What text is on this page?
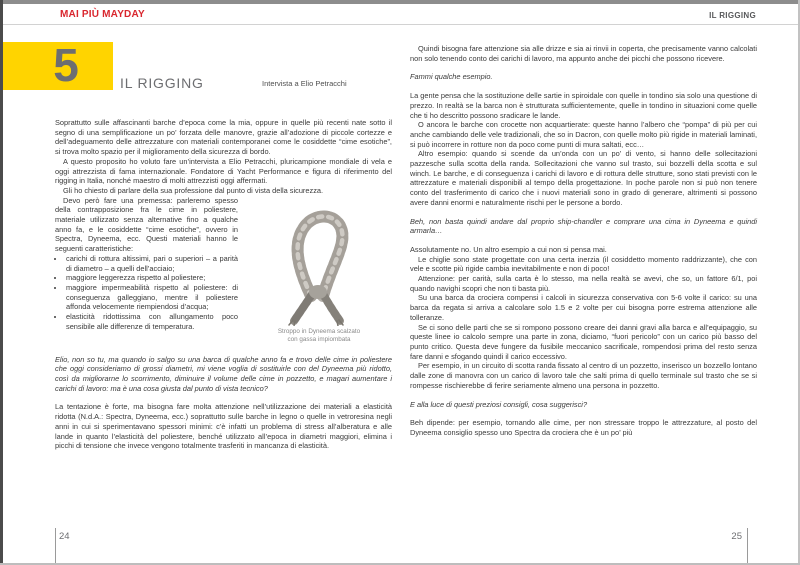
MAI PIÙ MAYDAY	IL RIGGING
5	IL RIGGING	Intervista a Elio Petracchi

Soprattutto sulle affascinanti barche d’epoca come la mia, oppure in quelle più recenti nate sotto il segno di una semplificazione un po’ forzata delle manovre, grazie all’adozione di piccole cortezze e dell’adeguamento delle attrezzature con materiali contemporanei come le cosiddette “cime esotiche”, si trova molto spazio per il miglioramento della sicurezza di bordo.

A questo proposito ho voluto fare un’intervista a Elio Petracchi, pluricampione mondiale di vela e oggi attrezzista di fama internazionale. Fondatore di Yacht Performance e figura di riferimento del rigging in Italia, nonché maestro di molti attrezzisti oggi affermati.

Gli ho chiesto di parlare della sua professione dal punto di vista della sicurezza.

Stroppo in Dyneema scalzato con gassa impiombata

Devo però fare una premessa: parleremo spesso della contrapposizione fra le cime in poliestere, materiale utilizzato senza alternative fino a qualche anno fa, e le cosiddette “cime esotiche”, ovvero in Spectra, Dyneema, ecc. Questi materiali hanno le seguenti caratteristiche:

• carichi di rottura altissimi, pari o superiori – a parità di diametro – a quelli dell’acciaio;
• maggiore leggerezza rispetto al poliestere;
• maggiore impermeabilità rispetto al poliestere: di conseguenza galleggiano, mentre il poliestere affonda velocemente riempiendosi d’acqua;
• elasticità ridottissima con allungamento poco sensibile alle differenze di temperatura.

Elio, non so tu, ma quando io salgo su una barca di qualche anno fa e trovo delle cime in poliestere che oggi consideriamo di grossi diametri, mi viene voglia di sostituirle con del Dyneema più ridotto, così da migliorarne lo scorrimento, diminuire il volume delle cime in pozzetto, e magari aumentare i carichi di lavoro: ma è una cosa giusta dal punto di vista tecnico?

La tentazione è forte, ma bisogna fare molta attenzione nell’utilizzazione dei materiali a elasticità ridotta (N.d.A.: Spectra, Dyneema, ecc.) soprattutto sulle barche in legno o quelle in vetroresina negli anni in cui si sperimentavano spessori minimi: c’è infatti un problema di stress all’alberatura e alle lande in quanto l’elasticità del poliestere, benché utilizzato all’epoca in diametri maggiori, elimina i picchi di tensione che invece vengono totalmente trasferiti in mancanza di elasticità.

Quindi bisogna fare attenzione sia alle drizze e sia ai rinvii in coperta, che precisamente vanno calcolati non solo tenendo conto dei carichi di lavoro, ma appunto anche dei picchi che possono ricevere.

Fammi qualche esempio.

La gente pensa che la sostituzione delle sartie in spiroidale con quelle in tondino sia solo una questione di prezzo. In realtà se la barca non è strutturata sufficientemente, quelle in tondino in situazioni come quelle che ti ho descritto possono sradicare le lande.

O ancora le barche con crocette non acquartierate: queste hanno l’albero che “pompa” di più per cui anche cambiando delle vele tradizionali, che so in Dacron, con quelle molto più rigide in materiali laminati, si può incorrere in rotture non da poco come punti di mura saltati, ecc…

Altro esempio: quando si scende da un’onda con un po’ di vento, si hanno delle sollecitazioni pazzesche sulla scotta della randa. Sollecitazioni che vanno sul trasto, sui bozzelli della scotta e sul winch. Le barche, e di conseguenza i carichi di lavoro e di rottura delle strutture, sono stati previsti con le attrezzature e materiali disponibili al tempo della progettazione. In poche parole non si può non tenere conto del trasferimento di carico che i nuovi materiali sono in grado di generare, altrimenti si possono avere danni enormi e naturalmente rischi per le persone a bordo.

Beh, non basta quindi andare dal proprio ship-chandler e comprare una cima in Dyneema e quindi armarla…

Assolutamente no. Un altro esempio a cui non si pensa mai.

Le chiglie sono state progettate con una certa inerzia (il cosiddetto momento raddrizzante), che con vele e scotte più rigide cambia inevitabilmente e non di poco!

Attenzione: per carità, sulla carta è lo stesso, ma nella realtà se avevi, che so, un fattore 6/1, poi quando navighi scopri che non ti basta più.

Su una barca da crociera compensi i calcoli in sicurezza conservativa con 5-6 volte il carico: su una barca da regata si arriva a calcolare solo 1.5 e 2 volte per cui bisogna porre estrema attenzione alle tolleranze.

Se ci sono delle parti che se si rompono possono creare dei danni gravi alla barca e all’equipaggio, su queste linee io calcolo sempre una parte in zona, diciamo, “fuori pericolo” con un carico più basso del punto critico. Questa deve fungere da fusibile meccanico sacrificale, rompendosi prima del resto senza fare danni e sfogando quindi il carico eccessivo.

Per esempio, in un circuito di scotta randa fissato al centro di un pozzetto, inserisco un bozzello lontano dalle zone di manovra con un carico di lavoro tale che salti prima di quello terminale sul trasto che se si rompesse rischierebbe di ferire seriamente almeno una persona in pozzetto.

E alla luce di questi preziosi consigli, cosa suggerisci?

Beh dipende: per esempio, tornando alle cime, per non stressare troppo le attrezzature, al posto del Dyneema consiglio spesso uno Spectra da crociera che è un po’ più

24	25
